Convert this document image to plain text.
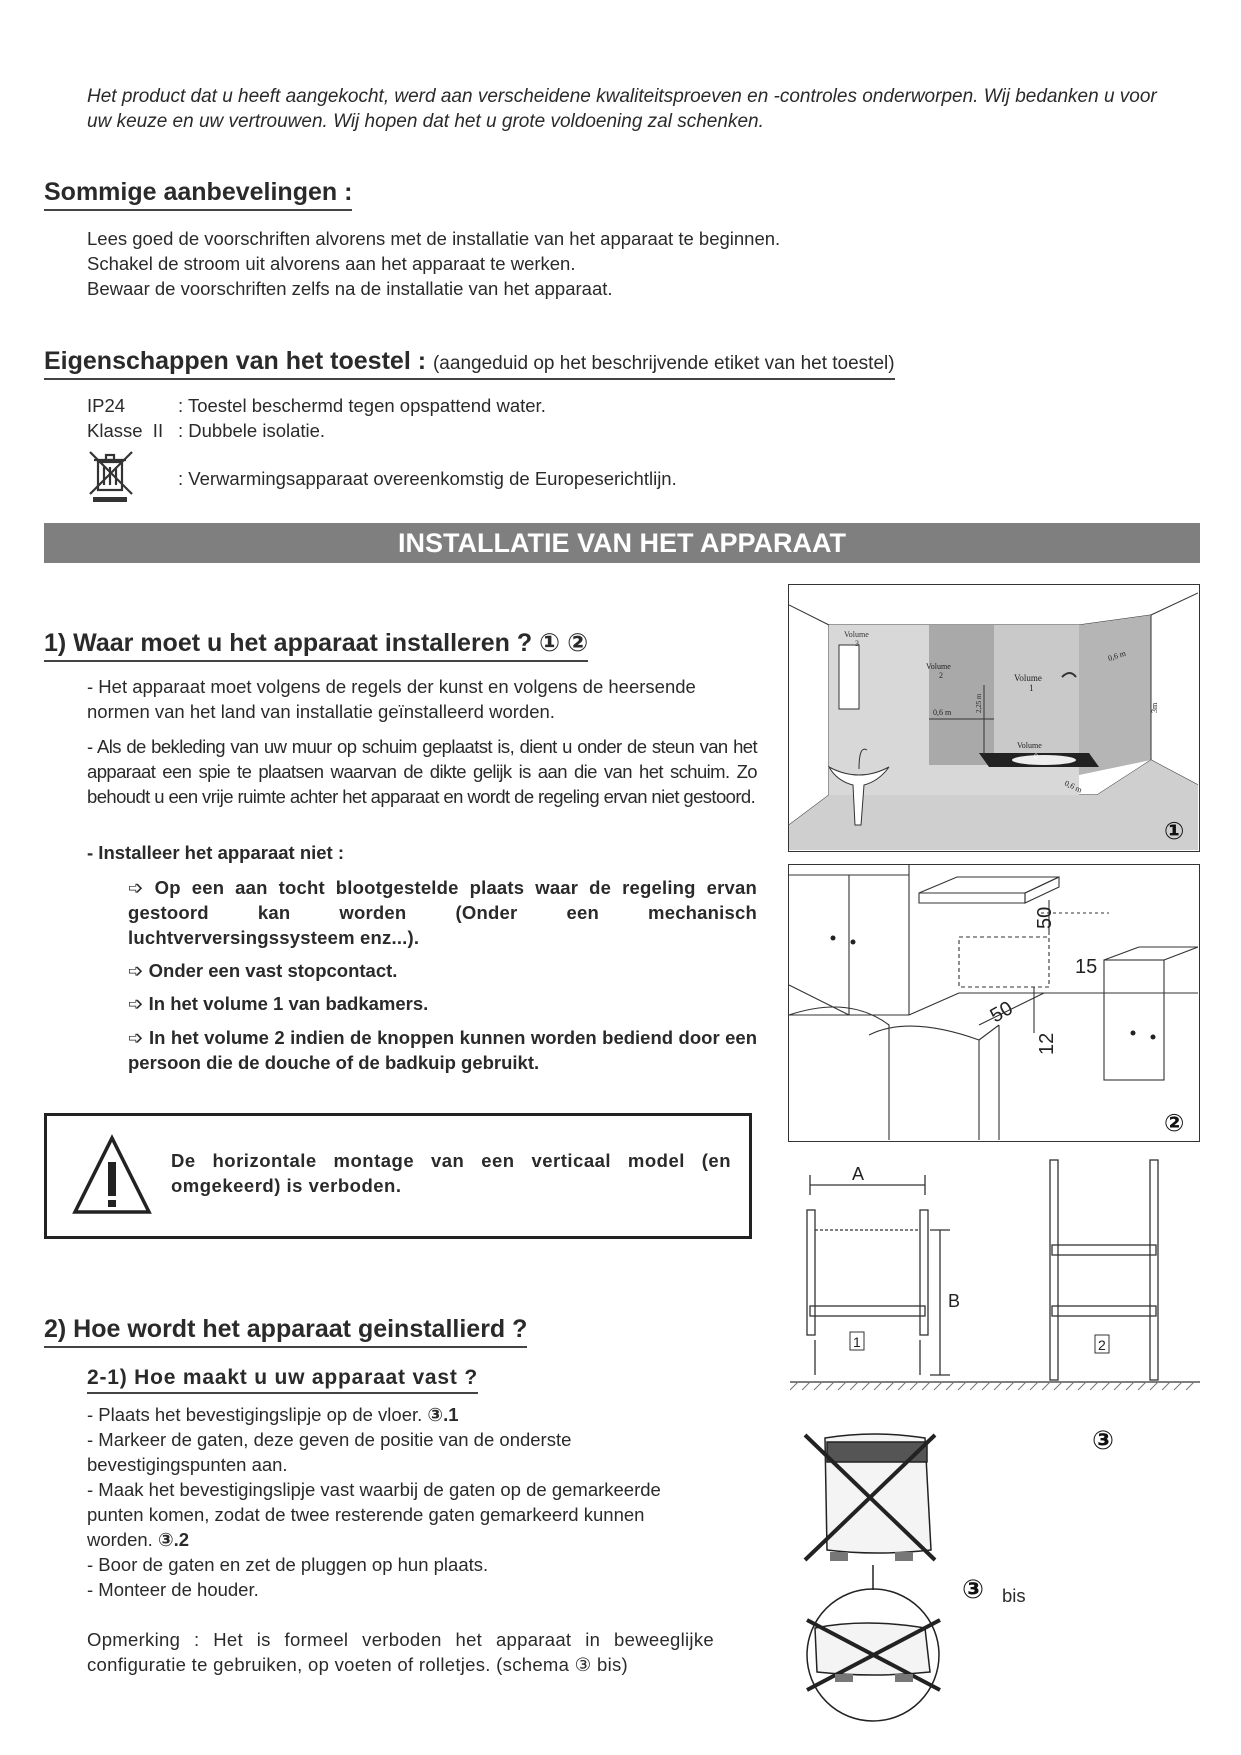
Het product dat u heeft aangekocht, werd aan verscheidene kwaliteitsproeven en -controles onderworpen. Wij bedanken u voor uw keuze en uw vertrouwen. Wij hopen dat het u grote voldoening zal schenken.
Sommige aanbevelingen :
Lees goed de voorschriften alvorens met de installatie van het apparaat te beginnen.
Schakel de stroom uit alvorens aan het apparaat te werken.
Bewaar de voorschriften zelfs na de installatie van het apparaat.
Eigenschappen van het toestel : (aangeduid op het beschrijvende etiket van het toestel)
IP24	: Toestel beschermd tegen opspattend water.
Klasse  II : Dubbele isolatie.
: Verwarmingsapparaat overeenkomstig de Europeserichtlijn.
INSTALLATIE VAN HET APPARAAT
1) Waar moet u het apparaat installeren ? ① ②
- Het apparaat moet volgens de regels der kunst en volgens de heersende normen van het land van installatie geïnstalleerd worden.
- Als de bekleding van uw muur op schuim geplaatst is, dient u onder de steun van het apparaat een spie te plaatsen waarvan de dikte gelijk is aan die van het schuim. Zo behoudt u een vrije ruimte achter het apparaat en wordt de regeling ervan niet gestoord.
- Installeer het apparaat niet :
➩ Op een aan tocht blootgestelde plaats waar de regeling ervan gestoord kan worden (Onder een mechanisch luchtverversingssysteem enz...).
➩ Onder een vast stopcontact.
➩ In het volume 1 van badkamers.
➩ In het volume 2 indien de knoppen kunnen worden bediend door een persoon die de douche of de badkuip gebruikt.
De horizontale montage van een verticaal model (en omgekeerd) is verboden.
2) Hoe wordt het apparaat geinstallierd ?
2-1) Hoe maakt u uw apparaat vast ?
- Plaats het bevestigingslipje op de vloer. ③.1
- Markeer de gaten, deze geven de positie van de onderste bevestigingspunten aan.
- Maak het bevestigingslipje vast waarbij de gaten op de gemarkeerde punten komen, zodat de twee resterende gaten gemarkeerd kunnen worden. ③.2
- Boor de gaten en zet de pluggen op hun plaats.
- Monteer de houder.
Opmerking : Het is formeel verboden het apparaat in beweeglijke configuratie te gebruiken, op voeten of rolletjes. (schema ③ bis)
Volume
3
Volume
2	Volume
1
Volume
0
0,6 m
0,6 m
0,6 m
2,25 m	3m
①
50
15
50
12
②
1	2
A
B
③
③ bis
